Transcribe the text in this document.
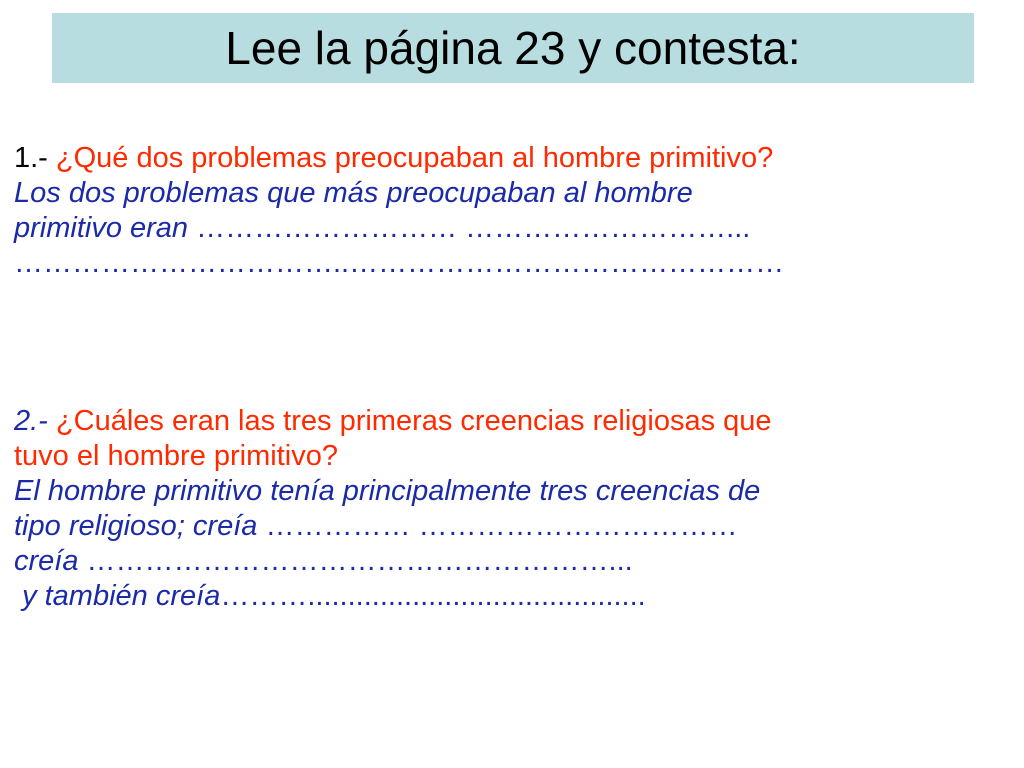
Lee la página 23 y contesta:
1.- ¿Qué dos problemas preocupaban al hombre primitivo?
Los dos problemas que más preocupaban al hombre
primitivo eran ……………………… ………………………...
……………………………..………………………………………
2.- ¿Cuáles eran las tres primeras creencias religiosas que
tuvo el hombre primitivo?
El hombre primitivo tenía principalmente tres creencias de
tipo religioso; creía …………… ……………………………
creía ………………………………………………...
y también creía………..........................................
